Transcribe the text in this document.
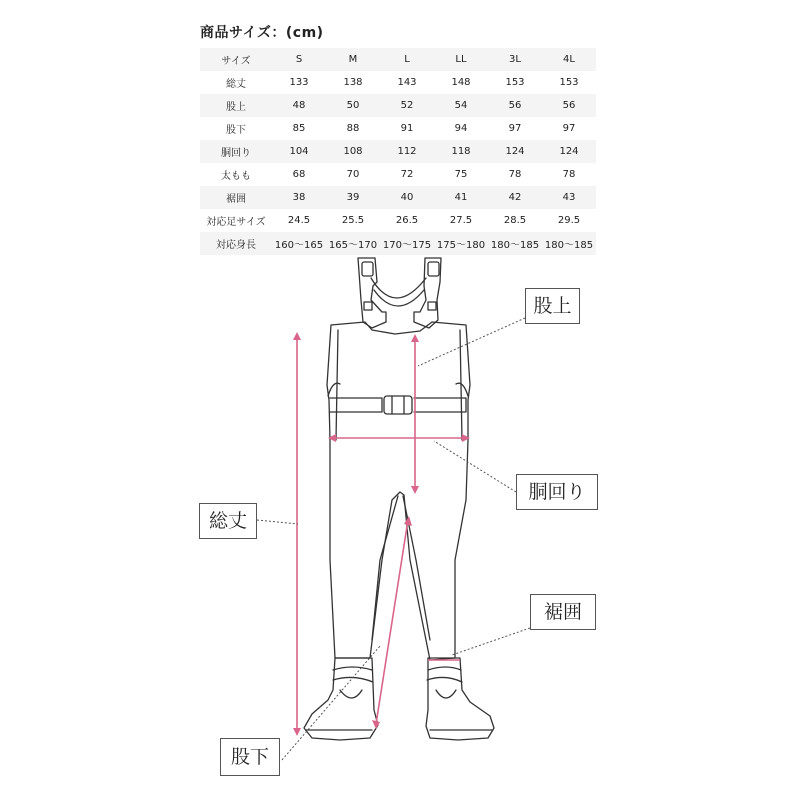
商品サイズ：(cm)
サイズ	S	M	L	LL	3L	4L
総丈	133	138	143	148	153	153
股上	48	50	52	54	56	56
股下	85	88	91	94	97	97
胴回り	104	108	112	118	124	124
太もも	68	70	72	75	78	78
裾囲	38	39	40	41	42	43
対応足サイズ	24.5	25.5	26.5	27.5	28.5	29.5
対応身長	160～165	165～170	170～175	175～180	180～185	180～185
股上
胴回り
裾囲
総丈
股下
